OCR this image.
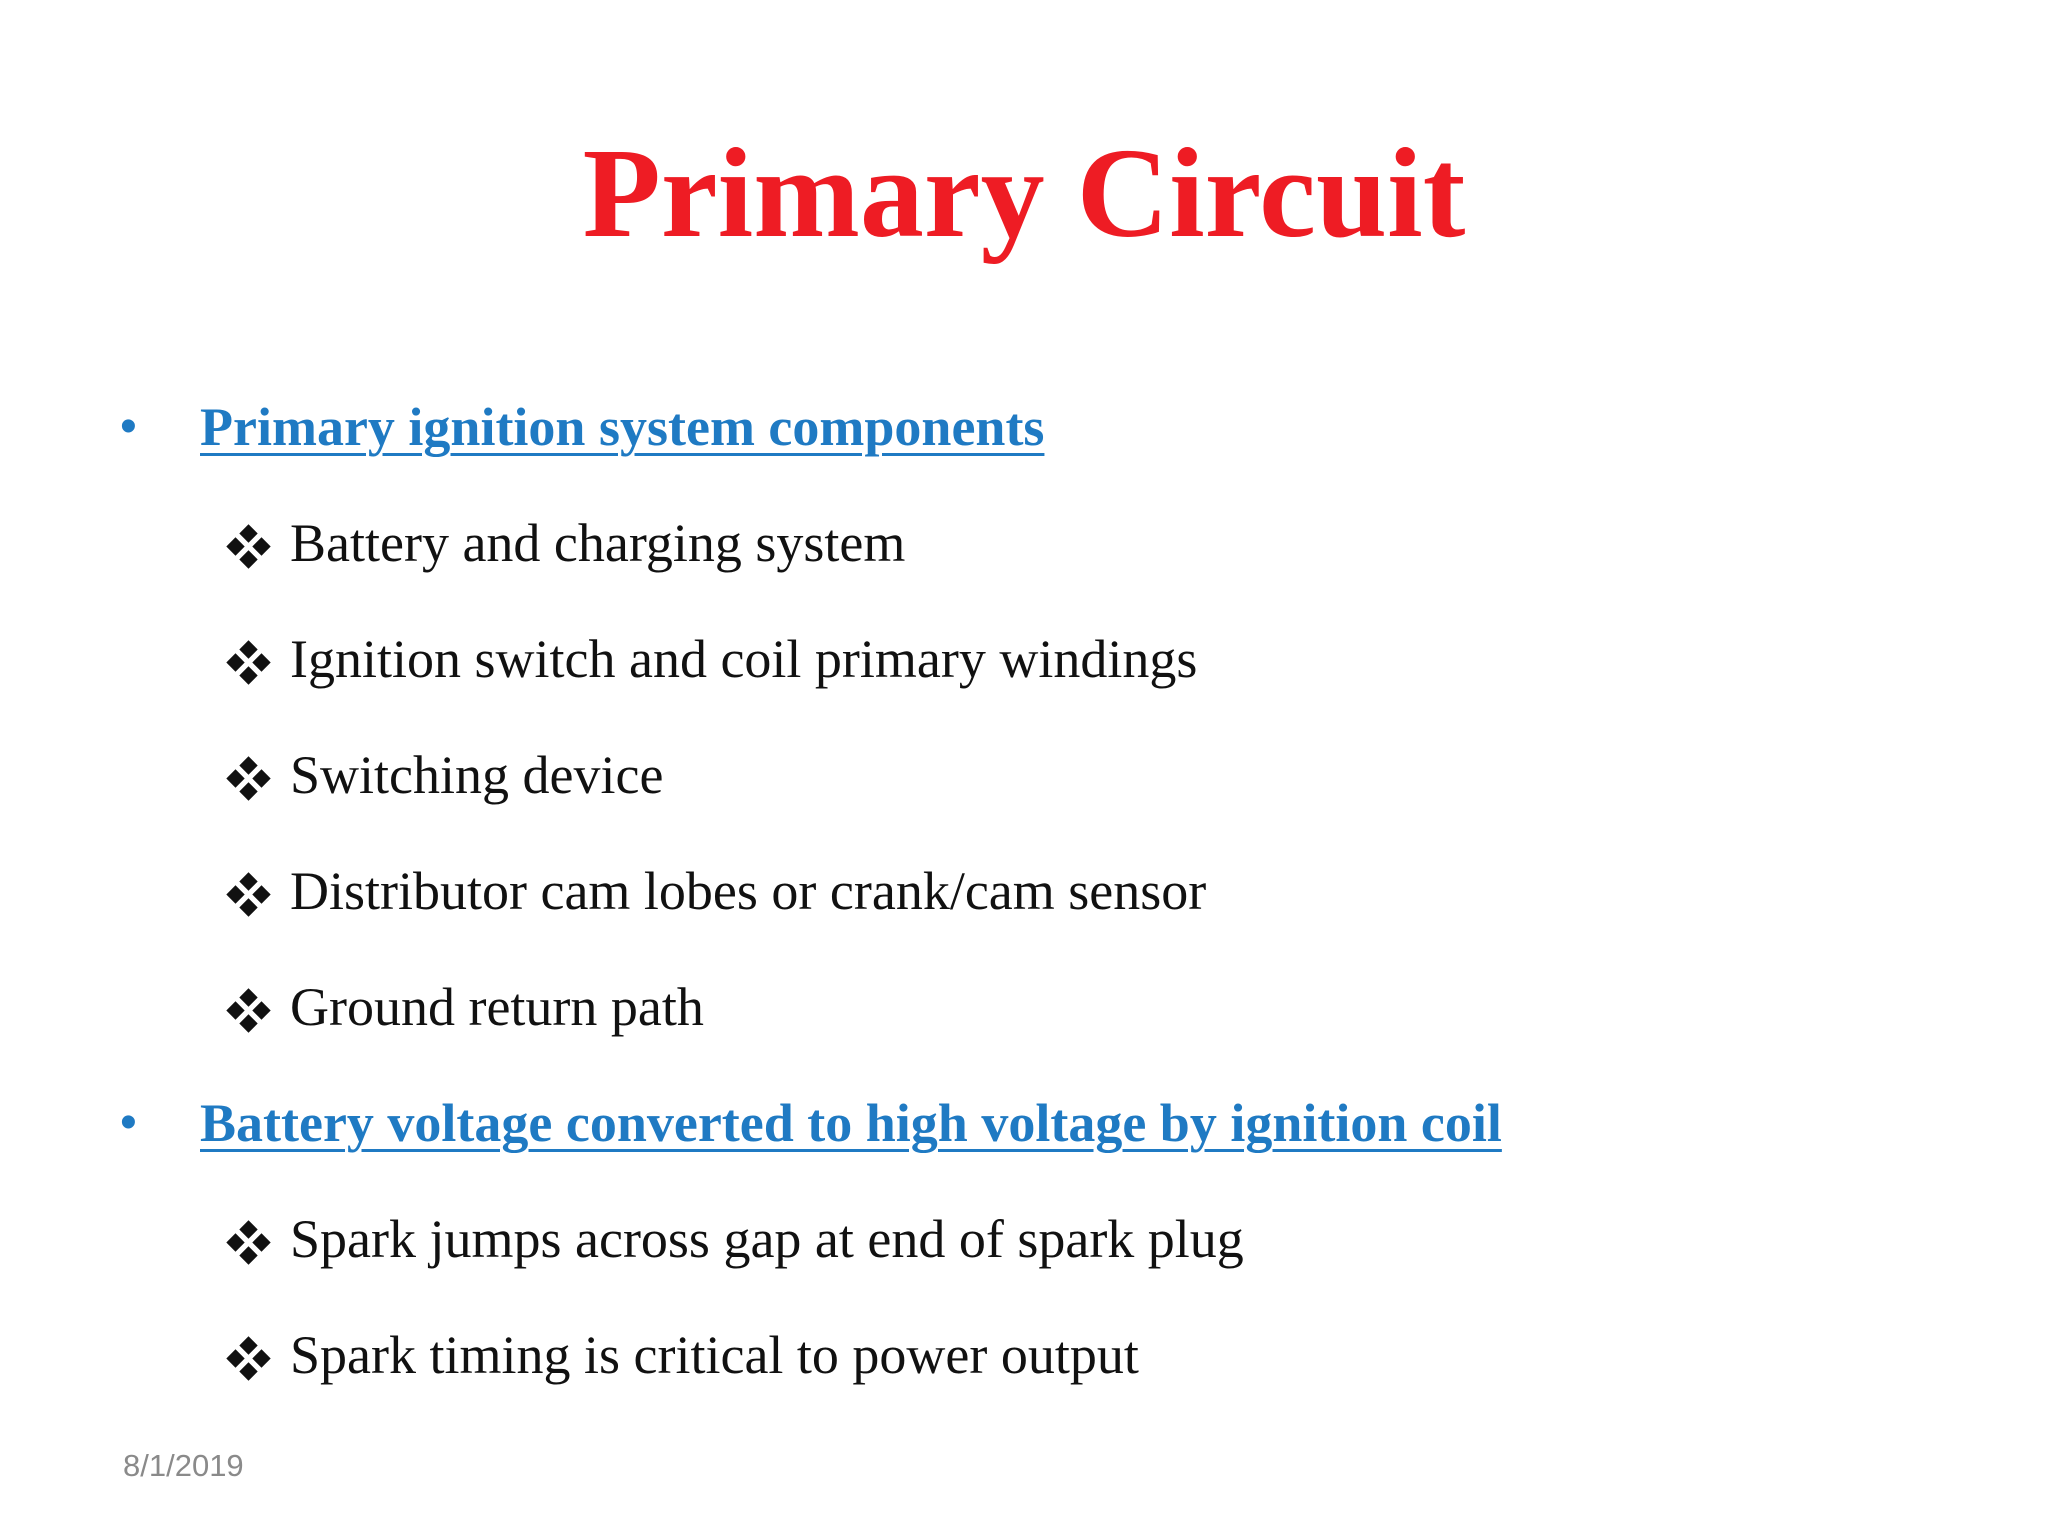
Primary Circuit
• Primary ignition system components
Battery and charging system
Ignition switch and coil primary windings
Switching device
Distributor cam lobes or crank/cam sensor
Ground return path
• Battery voltage converted to high voltage by ignition coil
Spark jumps across gap at end of spark plug
Spark timing is critical to power output
8/1/2019
